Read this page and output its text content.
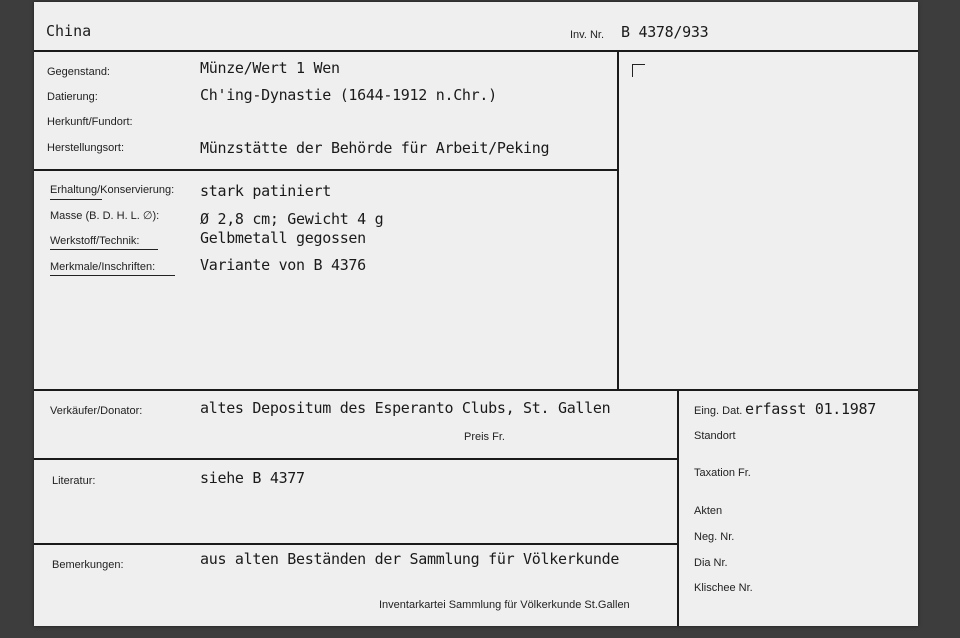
China	Inv. Nr. B 4378/933
Gegenstand:	Münze/Wert 1 Wen
Datierung:	Ch'ing-Dynastie (1644-1912 n.Chr.)
Herkunft/Fundort:
Herstellungsort:	Münzstätte der Behörde für Arbeit/Peking
Erhaltung/Konservierung: stark patiniert
Masse (B. D. H. L. ∅):	Ø 2,8 cm; Gewicht 4 g
Werkstoff/Technik:	Gelbmetall gegossen
Merkmale/Inschriften:	Variante von B 4376
Verkäufer/Donator:	altes Depositum des Esperanto Clubs, St. Gallen
Preis Fr.
Literatur:	siehe B 4377
Bemerkungen:	aus alten Beständen der Sammlung für Völkerkunde
Eing. Dat. erfasst 01.1987
Standort
Taxation Fr.
Akten
Neg. Nr.
Dia Nr.
Klischee Nr.
Inventarkartei Sammlung für Völkerkunde St.Gallen
